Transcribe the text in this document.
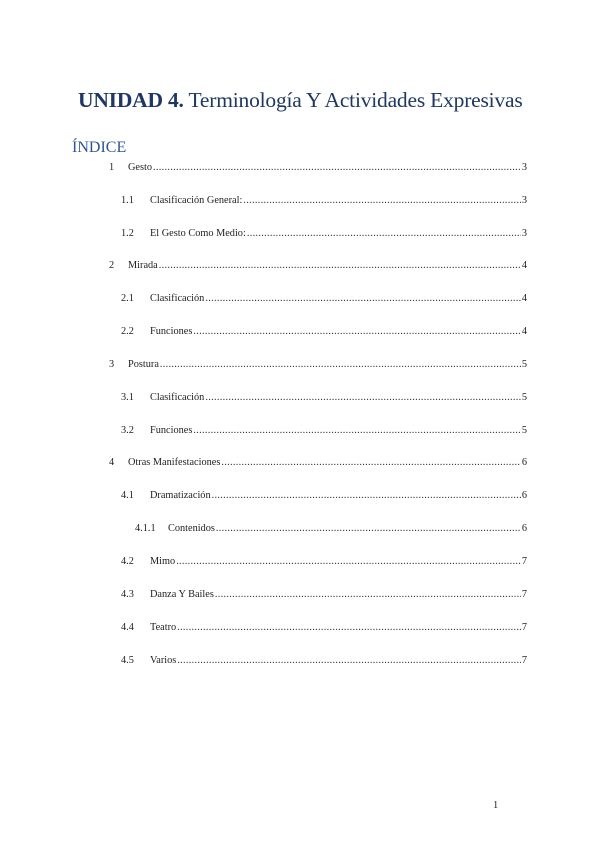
UNIDAD 4. Terminología Y Actividades Expresivas
ÍNDICE
1	Gesto .....	3
1.1	Clasificación General: .....	3
1.2	El Gesto Como Medio: .....	3
2	Mirada .....	4
2.1	Clasificación .....	4
2.2	Funciones .....	4
3	Postura .....	5
3.1	Clasificación .....	5
3.2	Funciones .....	5
4	Otras Manifestaciones .....	6
4.1	Dramatización .....	6
4.1.1	Contenidos .....	6
4.2	Mimo .....	7
4.3	Danza Y Bailes .....	7
4.4	Teatro .....	7
4.5	Varios .....	7
1
